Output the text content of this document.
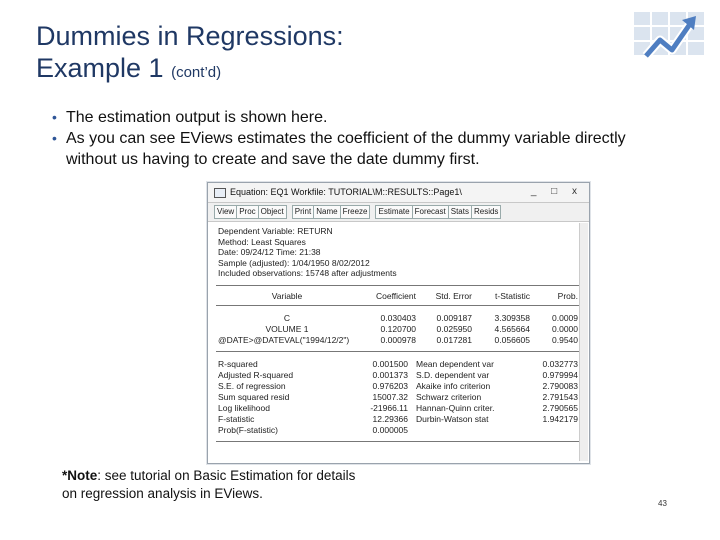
Dummies in Regressions:
Example 1 (cont’d)
• The estimation output is shown here.
• As you can see EViews estimates the coefficient of the dummy variable directly without us having to create and save the date dummy first.
Equation: EQ1 Workfile: TUTORIAL\M::RESULTS::Page1\	_ □ x
View Proc Object Print Name Freeze Estimate Forecast Stats Resids
Dependent Variable: RETURN
Method: Least Squares
Date: 09/24/12 Time: 21:38
Sample (adjusted): 1/04/1950 8/02/2012
Included observations: 15748 after adjustments
Variable	Coefficient	Std. Error	t-Statistic	Prob.
C	0.030403	0.009187	3.309358	0.0009
VOLUME 1	0.120700	0.025950	4.565664	0.0000
@DATE>@DATEVAL("1994/12/2")	0.000978	0.017281	0.056605	0.9540
R-squared	0.001500	Mean dependent var	0.032773
Adjusted R-squared	0.001373	S.D. dependent var	0.979994
S.E. of regression	0.976203	Akaike info criterion	2.790083
Sum squared resid	15007.32	Schwarz criterion	2.791543
Log likelihood	-21966.11	Hannan-Quinn criter.	2.790565
F-statistic	12.29366	Durbin-Watson stat	1.942179
Prob(F-statistic)	0.000005		
*Note: see tutorial on Basic Estimation for details
on regression analysis in EViews.
43
